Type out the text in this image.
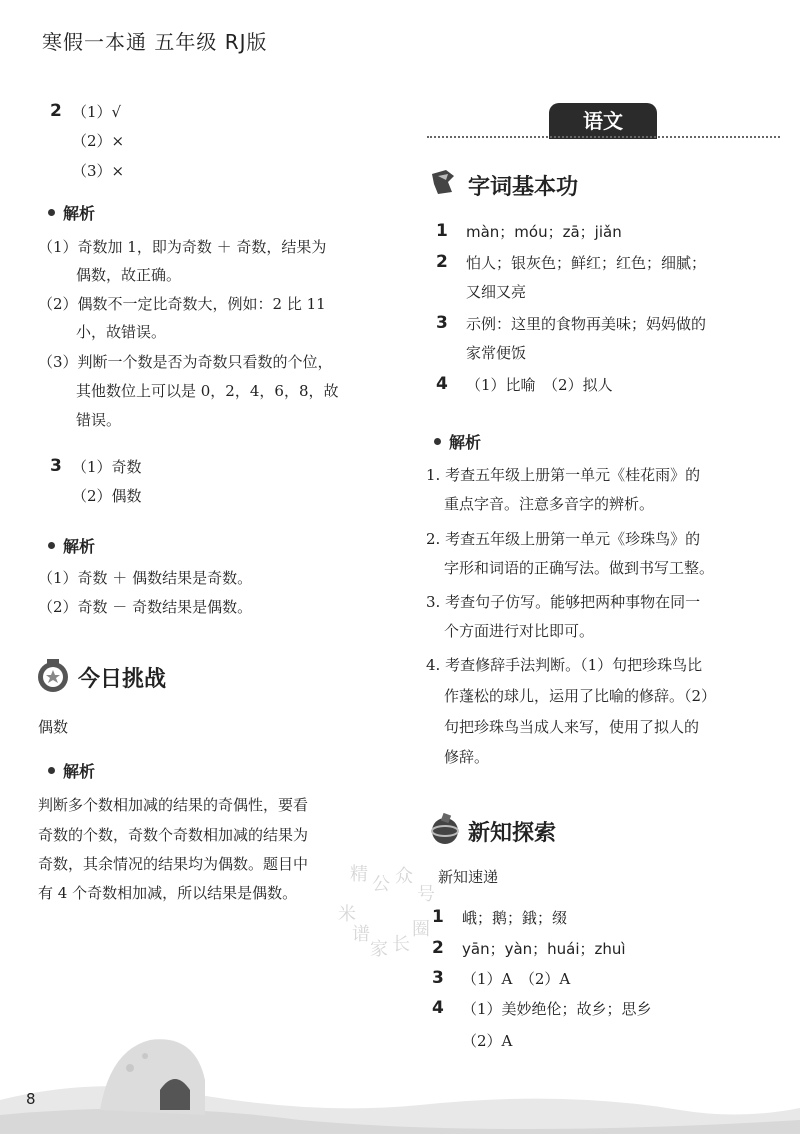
寒假一本通 五年级 RJ版
2 （1）√
（2）×
（3）×
解析
（1）奇数加 1，即为奇数 ＋ 奇数，结果为
偶数，故正确。
（2）偶数不一定比奇数大，例如：2 比 11
小，故错误。
（3）判断一个数是否为奇数只看数的个位，
其他数位上可以是 0，2，4，6，8，故
错误。
3 （1）奇数
（2）偶数
解析
（1）奇数 ＋ 偶数结果是奇数。
（2）奇数 － 奇数结果是偶数。
今日挑战
偶数
解析
判断多个数相加减的结果的奇偶性，要看
奇数的个数，奇数个奇数相加减的结果为
奇数，其余情况的结果均为偶数。题目中
有 4 个奇数相加减，所以结果是偶数。
语文
字词基本功
1 màn；móu；zā；jiǎn
2 怕人；银灰色；鲜红；红色；细腻；
又细又亮
3 示例：这里的食物再美味；妈妈做的
家常便饭
4 （1）比喻　（2）拟人
解析
1. 考查五年级上册第一单元《桂花雨》的
重点字音。注意多音字的辨析。
2. 考查五年级上册第一单元《珍珠鸟》的
字形和词语的正确写法。做到书写工整。
3. 考查句子仿写。能够把两种事物在同一
个方面进行对比即可。
4. 考查修辞手法判断。（1）句把珍珠鸟比
作蓬松的球儿，运用了比喻的修辞。（2）
句把珍珠鸟当成人来写，使用了拟人的
修辞。
新知探索
新知速递
1 峨；鹅；鋨；缀
2 yān；yàn；huái；zhuì
3 （1）A　（2）A
4 （1）美妙绝伦；故乡；思乡
（2）A
精 公 众
号
米
谱
家 长
圈
8
